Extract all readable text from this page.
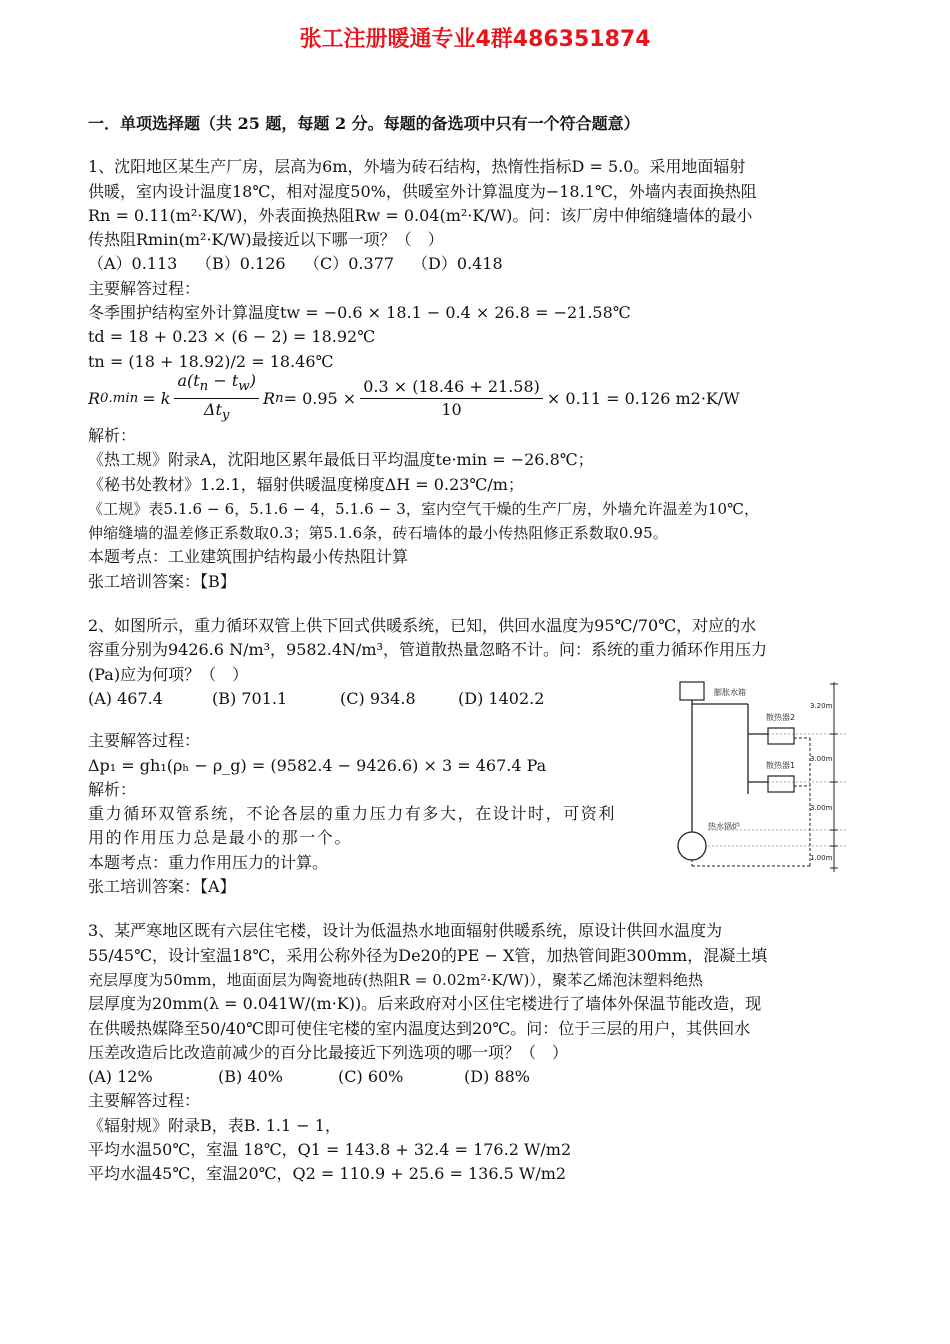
张工注册暖通专业4群486351874
一．单项选择题（共 25 题，每题 2 分。每题的备选项中只有一个符合题意）
1、沈阳地区某生产厂房，层高为6m，外墙为砖石结构，热惰性指标D = 5.0。采用地面辐射
供暖，室内设计温度18℃，相对湿度50%，供暖室外计算温度为−18.1℃，外墙内表面换热阻
Rn = 0.11(m²·K/W)，外表面换热阻Rw = 0.04(m²·K/W)。问：该厂房中伸缩缝墙体的最小
传热阻Rmin(m²·K/W)最接近以下哪一项？（　）
（A）0.113 （B）0.126 （C）0.377 （D）0.418
主要解答过程：
冬季围护结构室外计算温度tw = −0.6 × 18.1 − 0.4 × 26.8 = −21.58℃
td = 18 + 0.23 × (6 − 2) = 18.92℃
tn = (18 + 18.92)/2 = 18.46℃
R 0.min = k $\frac{a(t_n - t_w)}{\Delta t_y}$ R $n = 0.95 \times \frac{0.3 \times (18.46 + 21.58)}{10} \times 0.11 = 0.126$ m2·K/W
解析：
《热工规》附录A，沈阳地区累年最低日平均温度te·min = −26.8℃；
《秘书处教材》1.2.1，辐射供暖温度梯度ΔH = 0.23℃/m；
《工规》表5.1.6 − 6，5.1.6 − 4，5.1.6 − 3，室内空气干燥的生产厂房，外墙允许温差为10℃，
伸缩缝墙的温差修正系数取0.3；第5.1.6条，砖石墙体的最小传热阻修正系数取0.95。
本题考点：工业建筑围护结构最小传热阻计算
张工培训答案：【B】
2、如图所示，重力循环双管上供下回式供暖系统，已知，供回水温度为95℃/70℃，对应的水
容重分别为9426.6 N/m³，9582.4N/m³，管道散热量忽略不计。问：系统的重力循环作用压力
(Pa)应为何项？（　）
(A) 467.4	(B) 701.1	(C) 934.8	(D) 1402.2
主要解答过程：
Δp₁ = gh₁(ρₕ − ρ_g) = (9582.4 − 9426.6) × 3 = 467.4 Pa
解析：
重力循环双管系统，不论各层的重力压力有多大，在设计时，可资利
用的作用压力总是最小的那一个。
本题考点：重力作用压力的计算。
张工培训答案：【A】
膨胀水箱
散热器2
散热器1
热水锅炉
3.20m
3.00m
3.00m
1.00m
3、某严寒地区既有六层住宅楼，设计为低温热水地面辐射供暖系统，原设计供回水温度为
55/45℃，设计室温18℃，采用公称外径为De20的PE − X管，加热管间距300mm，混凝土填
充层厚度为50mm，地面面层为陶瓷地砖(热阻R = 0.02m²·K/W)），聚苯乙烯泡沫塑料绝热
层厚度为20mm(λ = 0.041W/(m·K))。后来政府对小区住宅楼进行了墙体外保温节能改造，现
在供暖热媒降至50/40℃即可使住宅楼的室内温度达到20℃。问：位于三层的用户，其供回水
压差改造后比改造前减少的百分比最接近下列选项的哪一项？（　）
(A) 12%	(B) 40%	(C) 60%	(D) 88%
主要解答过程：
《辐射规》附录B，表B. 1.1 − 1，
平均水温50℃，室温 18℃，Q1 = 143.8 + 32.4 = 176.2 W/m2
平均水温45℃，室温20℃，Q2 = 110.9 + 25.6 = 136.5 W/m2
